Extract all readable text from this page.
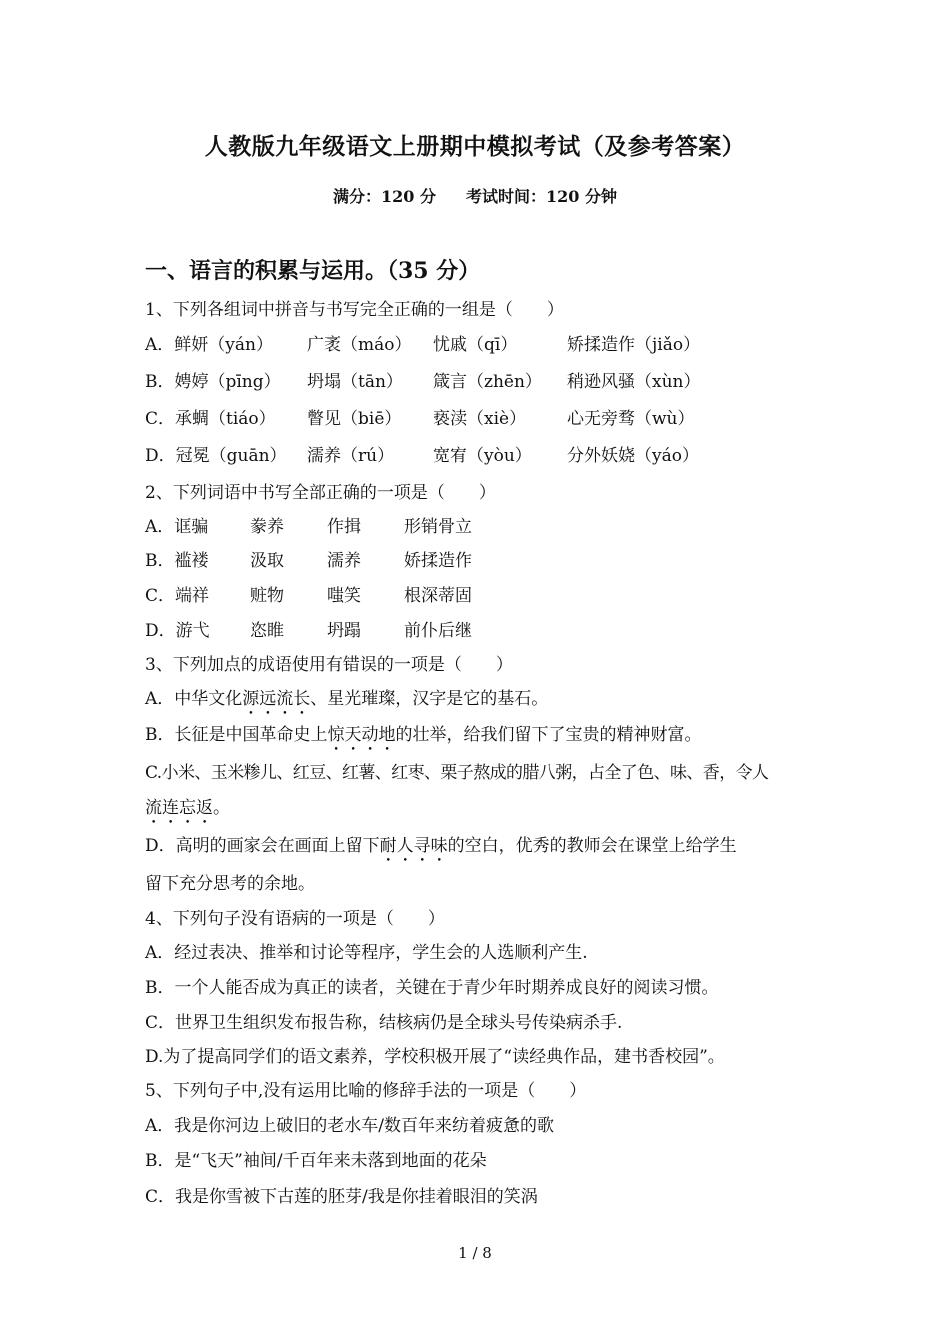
人教版九年级语文上册期中模拟考试（及参考答案）
满分：120 分 考试时间：120 分钟
一、语言的积累与运用。（35 分）
1、下列各组词中拼音与书写完全正确的一组是（　　）
A．鲜妍（yán） 广袤（máo） 忧戚（qī）	矫揉造作（jiǎo）
B．娉婷（pīng） 坍塌（tān） 箴言（zhēn） 稍逊风骚（xùn）
C．承蜩（tiáo） 瞥见（biē） 亵渎（xiè） 心无旁骛（wù）
D．冠冕（guān） 濡养（rú） 宽宥（yòu） 分外妖娆（yáo）
2、下列词语中书写全部正确的一项是（　　）
A．诓骗 豢养	作揖	形销骨立
B．褴褛 汲取	濡养	娇揉造作
C．端祥 赃物	嗤笑	根深蒂固
D．游弋 恣睢	坍蹋	前仆后继
3、下列加点的成语使用有错误的一项是（　　）
A．中华文化源远流长、星光璀璨，汉字是它的基石。
B．长征是中国革命史上惊天动地的壮举，给我们留下了宝贵的精神财富。
C.小米、玉米糁儿、红豆、红薯、红枣、栗子熬成的腊八粥，占全了色、味、香，令人
流连忘返。
D．高明的画家会在画面上留下耐人寻味的空白，优秀的教师会在课堂上给学生
留下充分思考的余地。
4、下列句子没有语病的一项是（　　）
A．经过表决、推举和讨论等程序，学生会的人选顺利产生.
B．一个人能否成为真正的读者，关键在于青少年时期养成良好的阅读习惯。
C．世界卫生组织发布报告称，结核病仍是全球头号传染病杀手.
D.为了提高同学们的语文素养，学校积极开展了“读经典作品，建书香校园”。
5、下列句子中,没有运用比喻的修辞手法的一项是（　　）
A．我是你河边上破旧的老水车/数百年来纺着疲惫的歌
B．是“飞天”袖间/千百年来未落到地面的花朵
C．我是你雪被下古莲的胚芽/我是你挂着眼泪的笑涡
1 / 8
